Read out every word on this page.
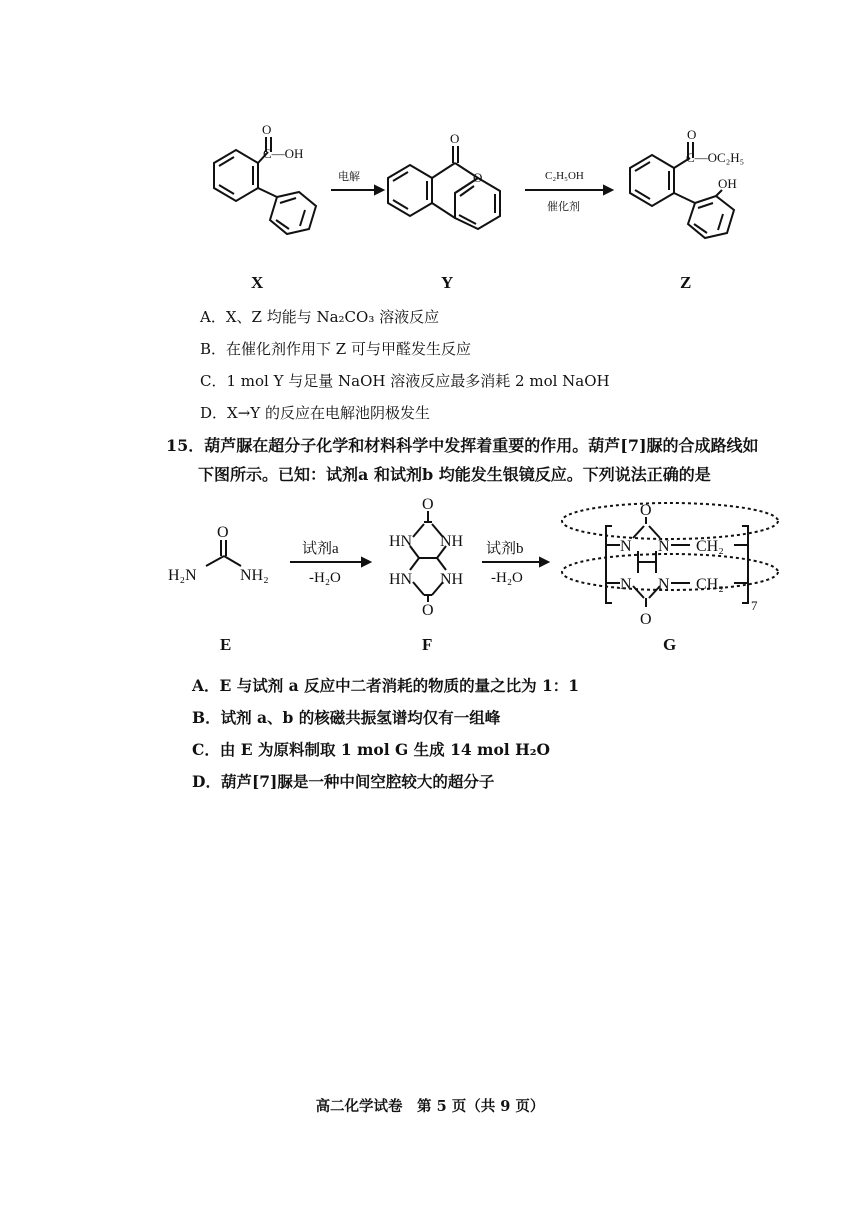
O
C—OH
电解
O
O	C₂H₅OH
催化剂
O
C—OC₂H₅
OH
X	Y	Z
A．X、Z 均能与 Na₂CO₃ 溶液反应
B．在催化剂作用下 Z 可与甲醛发生反应
C．1 mol Y 与足量 NaOH 溶液反应最多消耗 2 mol NaOH
D．X→Y 的反应在电解池阴极发生
15．葫芦脲在超分子化学和材料科学中发挥着重要的作用。葫芦[7]脲的合成路线如
下图所示。已知：试剂a 和试剂b 均能发生银镜反应。下列说法正确的是
O
H₂N	NH₂
试剂a
-H₂O
O
HN NH
HN NH
O
试剂b
-H₂O
O
N N CH₂
N N CH₂
O
7
E	F	G
A．E 与试剂 a 反应中二者消耗的物质的量之比为 1：1
B．试剂 a、b 的核磁共振氢谱均仅有一组峰
C．由 E 为原料制取 1 mol G 生成 14 mol H₂O
D．葫芦[7]脲是一种中间空腔较大的超分子
高二化学试卷　第 5 页（共 9 页）
